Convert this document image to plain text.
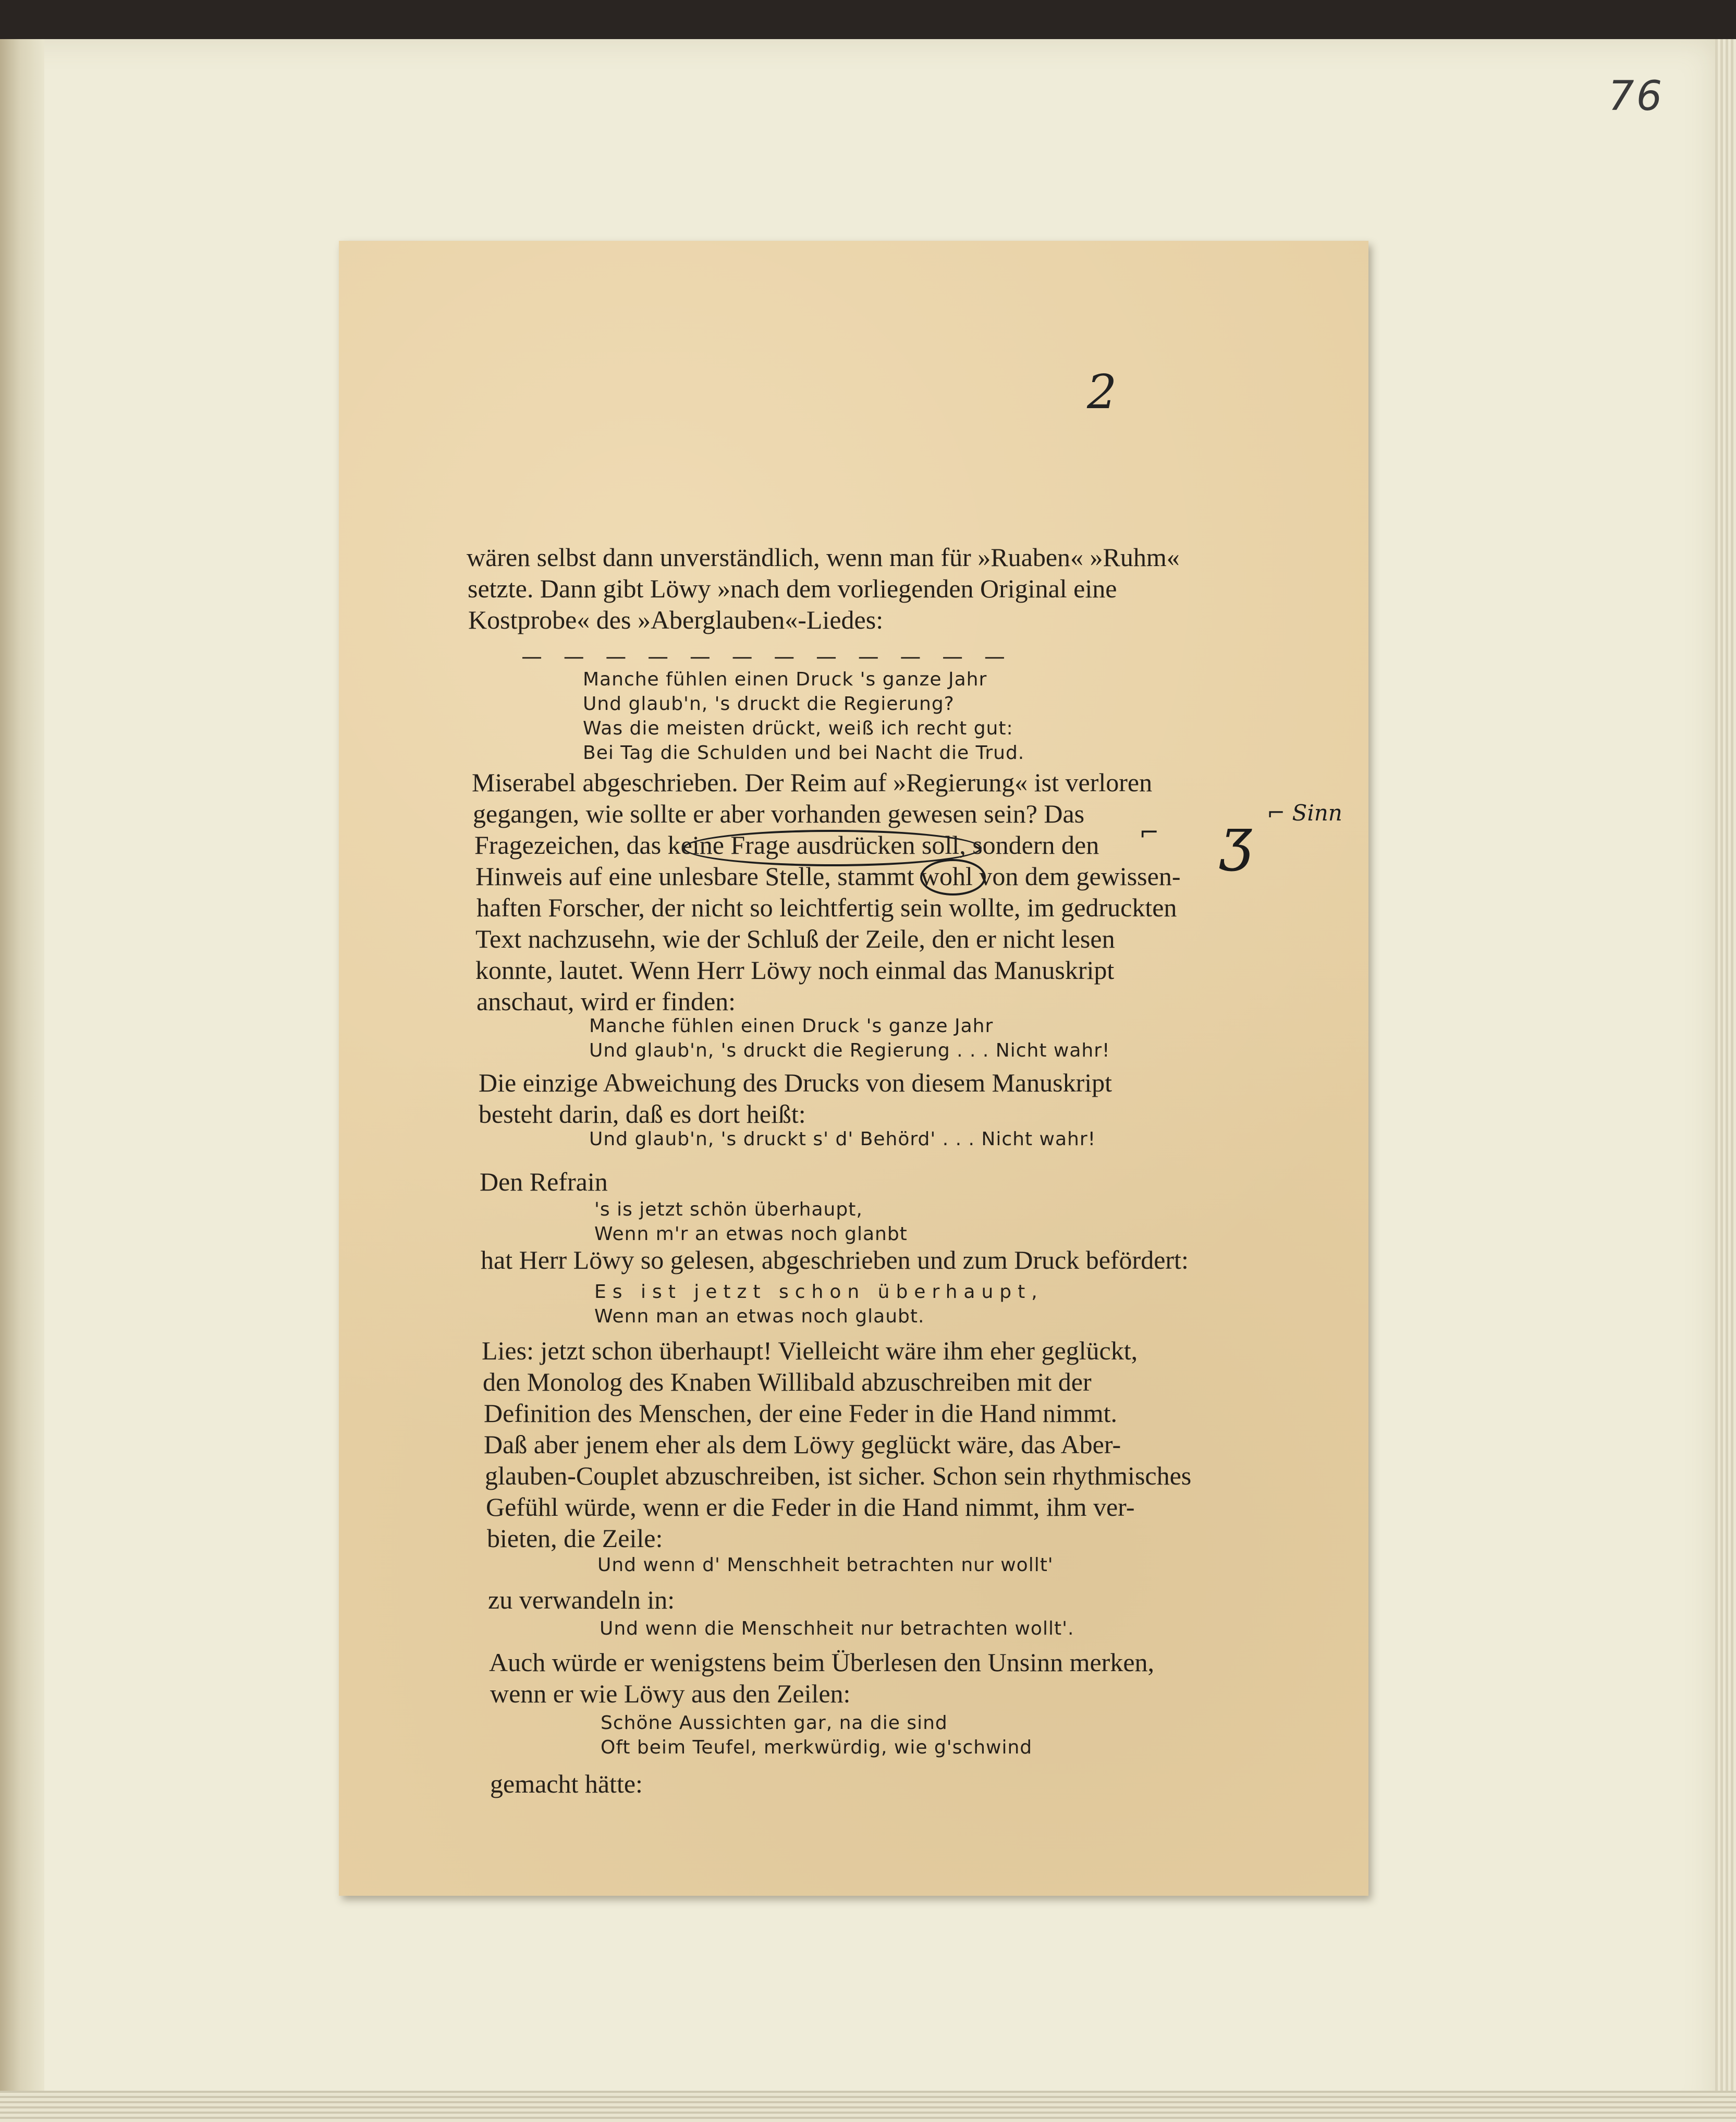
76
2
wären selbst dann unverständlich, wenn man für »Ruaben« »Ruhm«
setzte. Dann gibt Löwy »nach dem vorliegenden Original eine
Kostprobe« des »Aberglauben«-Liedes:
— — — — — — — — — — — —
Manche fühlen einen Druck 's ganze Jahr
Und glaub'n, 's druckt die Regierung?
Was die meisten drückt, weiß ich recht gut:
Bei Tag die Schulden und bei Nacht die Trud.
Miserabel abgeschrieben. Der Reim auf »Regierung« ist verloren
gegangen, wie sollte er aber vorhanden gewesen sein? Das
Fragezeichen, das keine Frage ausdrücken soll, sondern den
Hinweis auf eine unlesbare Stelle, stammt wohl von dem gewissen-
haften Forscher, der nicht so leichtfertig sein wollte, im gedruckten
Text nachzusehn, wie der Schluß der Zeile, den er nicht lesen
konnte, lautet. Wenn Herr Löwy noch einmal das Manuskript
anschaut, wird er finden:
Manche fühlen einen Druck 's ganze Jahr
Und glaub'n, 's druckt die Regierung . . . Nicht wahr!
Die einzige Abweichung des Drucks von diesem Manuskript
besteht darin, daß es dort heißt:
Und glaub'n, 's druckt s' d' Behörd' . . . Nicht wahr!
Den Refrain
's is jetzt schön überhaupt,
Wenn m'r an etwas noch glanbt
hat Herr Löwy so gelesen, abgeschrieben und zum Druck befördert:
Es ist jetzt schon überhaupt,
Wenn man an etwas noch glaubt.
Lies: jetzt schon überhaupt! Vielleicht wäre ihm eher geglückt,
den Monolog des Knaben Willibald abzuschreiben mit der
Definition des Menschen, der eine Feder in die Hand nimmt.
Daß aber jenem eher als dem Löwy geglückt wäre, das Aber-
glauben-Couplet abzuschreiben, ist sicher. Schon sein rhythmisches
Gefühl würde, wenn er die Feder in die Hand nimmt, ihm ver-
bieten, die Zeile:
Und wenn d' Menschheit betrachten nur wollt'
zu verwandeln in:
Und wenn die Menschheit nur betrachten wollt'.
Auch würde er wenigstens beim Überlesen den Unsinn merken,
wenn er wie Löwy aus den Zeilen:
Schöne Aussichten gar, na die sind
Oft beim Teufel, merkwürdig, wie g'schwind
gemacht hätte:
⌐ ʒ ⌐ Sinn
